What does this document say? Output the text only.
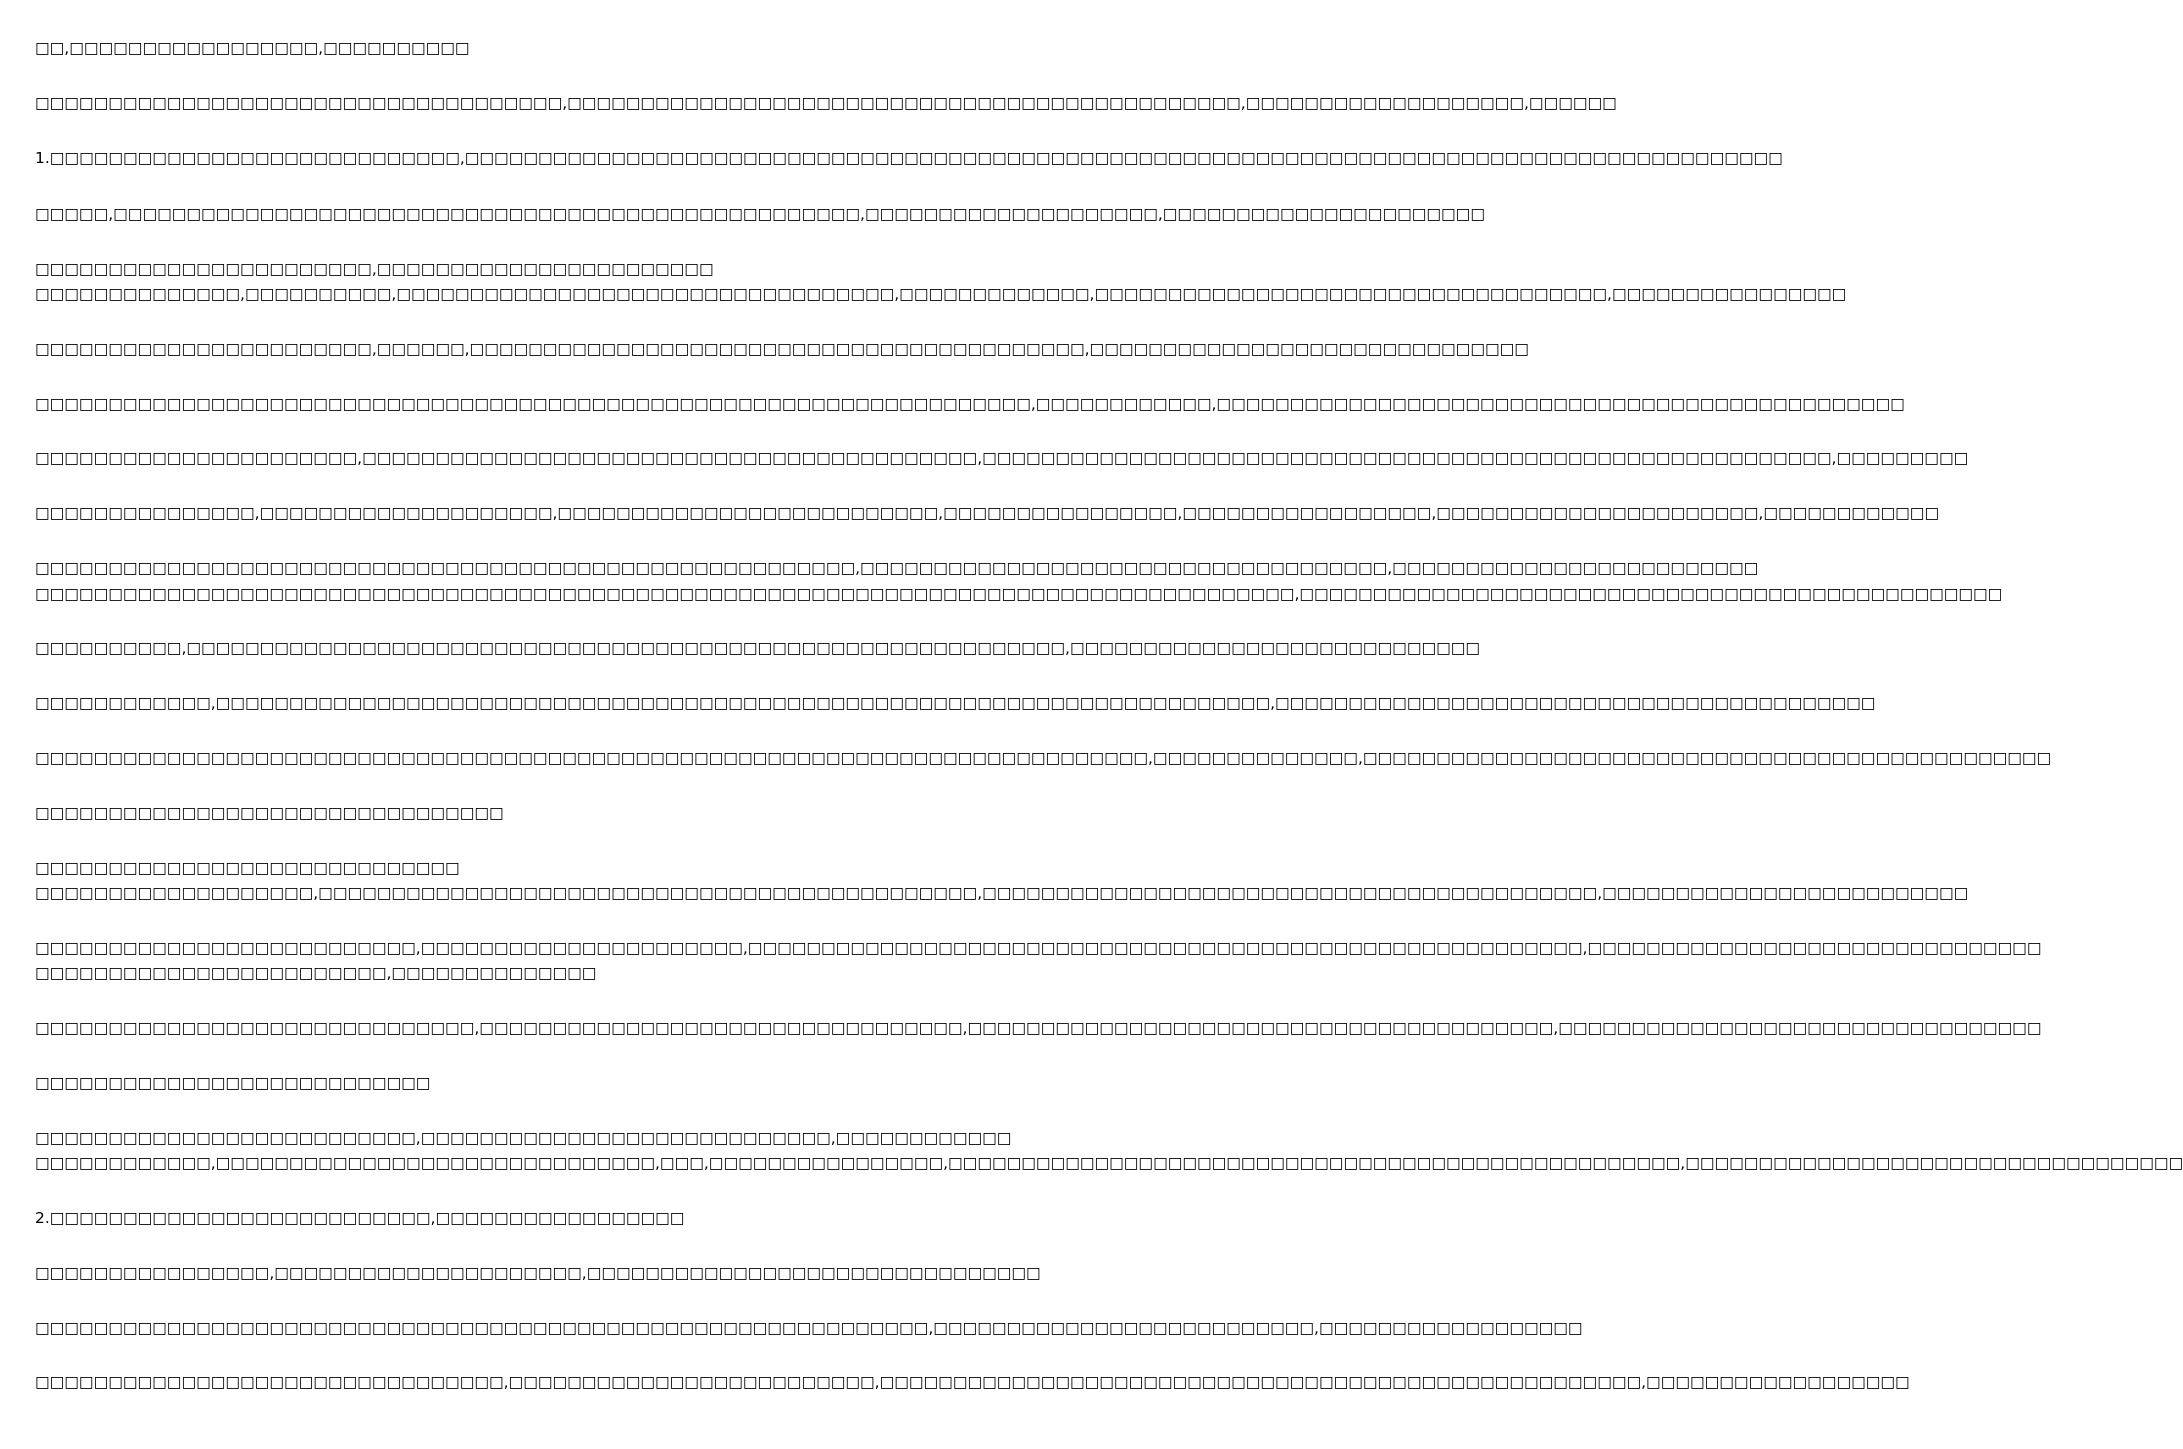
□□,□□□□□□□□□□□□□□□□□,□□□□□□□□□□
□□□□□□□□□□□□□□□□□□□□□□□□□□□□□□□□□□□□,□□□□□□□□□□□□□□□□□□□□□□□□□□□□□□□□□□□□□□□□□□□□□□,□□□□□□□□□□□□□□□□□□□,□□□□□□
1.□□□□□□□□□□□□□□□□□□□□□□□□□□□□,□□□□□□□□□□□□□□□□□□□□□□□□□□□□□□□□□□□□□□□□□□□□□□□□□□□□□□□□□□□□□□□□□□□□□□□□□□□□□□□□□□□□□□□□□□
□□□□□,□□□□□□□□□□□□□□□□□□□□□□□□□□□□□□□□□□□□□□□□□□□□□□□□□□□,□□□□□□□□□□□□□□□□□□□□,□□□□□□□□□□□□□□□□□□□□□□
□□□□□□□□□□□□□□□□□□□□□□□,□□□□□□□□□□□□□□□□□□□□□□□
□□□□□□□□□□□□□□,□□□□□□□□□□,□□□□□□□□□□□□□□□□□□□□□□□□□□□□□□□□□□,□□□□□□□□□□□□□,□□□□□□□□□□□□□□□□□□□□□□□□□□□□□□□□□□□,□□□□□□□□□□□□□□□□
□□□□□□□□□□□□□□□□□□□□□□□,□□□□□□,□□□□□□□□□□□□□□□□□□□□□□□□□□□□□□□□□□□□□□□□□□,□□□□□□□□□□□□□□□□□□□□□□□□□□□□□□
□□□□□□□□□□□□□□□□□□□□□□□□□□□□□□□□□□□□□□□□□□□□□□□□□□□□□□□□□□□□□□□□□□□□,□□□□□□□□□□□□,□□□□□□□□□□□□□□□□□□□□□□□□□□□□□□□□□□□□□□□□□□□□□□□
□□□□□□□□□□□□□□□□□□□□□□,□□□□□□□□□□□□□□□□□□□□□□□□□□□□□□□□□□□□□□□□□□,□□□□□□□□□□□□□□□□□□□□□□□□□□□□□□□□□□□□□□□□□□□□□□□□□□□□□□□□□□,□□□□□□□□□
□□□□□□□□□□□□□□□,□□□□□□□□□□□□□□□□□□□□,□□□□□□□□□□□□□□□□□□□□□□□□□□,□□□□□□□□□□□□□□□□,□□□□□□□□□□□□□□□□□,□□□□□□□□□□□□□□□□□□□□□□,□□□□□□□□□□□□
□□□□□□□□□□□□□□□□□□□□□□□□□□□□□□□□□□□□□□□□□□□□□□□□□□□□□□□□,□□□□□□□□□□□□□□□□□□□□□□□□□□□□□□□□□□□□,□□□□□□□□□□□□□□□□□□□□□□□□□
□□□□□□□□□□□□□□□□□□□□□□□□□□□□□□□□□□□□□□□□□□□□□□□□□□□□□□□□□□□□□□□□□□□□□□□□□□□□□□□□□□□□□□,□□□□□□□□□□□□□□□□□□□□□□□□□□□□□□□□□□□□□□□□□□□□□□□□
□□□□□□□□□□,□□□□□□□□□□□□□□□□□□□□□□□□□□□□□□□□□□□□□□□□□□□□□□□□□□□□□□□□□□□□,□□□□□□□□□□□□□□□□□□□□□□□□□□□□
□□□□□□□□□□□□,□□□□□□□□□□□□□□□□□□□□□□□□□□□□□□□□□□□□□□□□□□□□□□□□□□□□□□□□□□□□□□□□□□□□□□□□,□□□□□□□□□□□□□□□□□□□□□□□□□□□□□□□□□□□□□□□□□
□□□□□□□□□□□□□□□□□□□□□□□□□□□□□□□□□□□□□□□□□□□□□□□□□□□□□□□□□□□□□□□□□□□□□□□□□□□□,□□□□□□□□□□□□□□,□□□□□□□□□□□□□□□□□□□□□□□□□□□□□□□□□□□□□□□□□□□□□□□
□□□□□□□□□□□□□□□□□□□□□□□□□□□□□□□□
□□□□□□□□□□□□□□□□□□□□□□□□□□□□□
□□□□□□□□□□□□□□□□□□□,□□□□□□□□□□□□□□□□□□□□□□□□□□□□□□□□□□□□□□□□□□□□□,□□□□□□□□□□□□□□□□□□□□□□□□□□□□□□□□□□□□□□□□□□,□□□□□□□□□□□□□□□□□□□□□□□□□
□□□□□□□□□□□□□□□□□□□□□□□□□□,□□□□□□□□□□□□□□□□□□□□□□,□□□□□□□□□□□□□□□□□□□□□□□□□□□□□□□□□□□□□□□□□□□□□□□□□□□□□□□□□,□□□□□□□□□□□□□□□□□□□□□□□□□□□□□□□
□□□□□□□□□□□□□□□□□□□□□□□□,□□□□□□□□□□□□□□
□□□□□□□□□□□□□□□□□□□□□□□□□□□□□□,□□□□□□□□□□□□□□□□□□□□□□□□□□□□□□□□□,□□□□□□□□□□□□□□□□□□□□□□□□□□□□□□□□□□□□□□□□,□□□□□□□□□□□□□□□□□□□□□□□□□□□□□□□□□
□□□□□□□□□□□□□□□□□□□□□□□□□□□
□□□□□□□□□□□□□□□□□□□□□□□□□□,□□□□□□□□□□□□□□□□□□□□□□□□□□□□,□□□□□□□□□□□□
□□□□□□□□□□□□,□□□□□□□□□□□□□□□□□□□□□□□□□□□□□□,□□□,□□□□□□□□□□□□□□□□,□□□□□□□□□□□□□□□□□□□□□□□□□□□□□□□□□□□□□□□□□□□□□□□□□□,□□□□□□□□□□□□□□□□□□□□□□□□□□□□□□□□□□
2.□□□□□□□□□□□□□□□□□□□□□□□□□□,□□□□□□□□□□□□□□□□□
□□□□□□□□□□□□□□□□,□□□□□□□□□□□□□□□□□□□□□,□□□□□□□□□□□□□□□□□□□□□□□□□□□□□□□
□□□□□□□□□□□□□□□□□□□□□□□□□□□□□□□□□□□□□□□□□□□□□□□□□□□□□□□□□□□□□,□□□□□□□□□□□□□□□□□□□□□□□□□□,□□□□□□□□□□□□□□□□□□
□□□□□□□□□□□□□□□□□□□□□□□□□□□□□□□□,□□□□□□□□□□□□□□□□□□□□□□□□□,□□□□□□□□□□□□□□□□□□□□□□□□□□□□□□□□□□□□□□□□□□□□□□□□□□□□,□□□□□□□□□□□□□□□□□□
